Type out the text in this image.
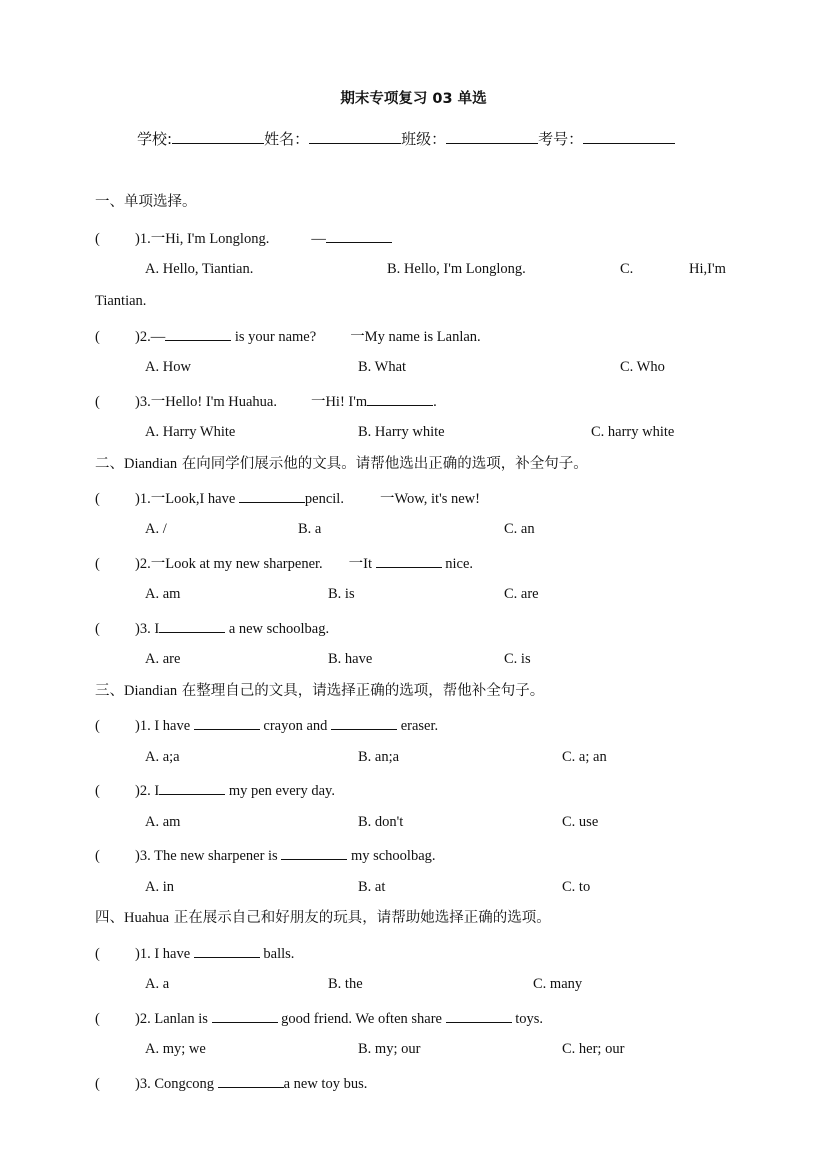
期末专项复习 03 单选
学校:	姓名：	班级：	考号：
一、单项选择。
( )1.一Hi, I'm Longlong.	—
A. Hello, Tiantian.	B. Hello, I'm Longlong.	C.	Hi,I'm
Tiantian.
( )2.—	is your name? 一My name is Lanlan.
A. How	B. What	C. Who
( )3.一Hello! I'm Huahua. 一Hi! I'm	.
A. Harry White	B. Harry white	C. harry white
二、Diandian 在向同学们展示他的文具。请帮他选出正确的选项，补全句子。
( )1.一Look,I have	pencil. 一Wow, it's new!
A. /	B. a	C. an
( )2.一Look at my new sharpener. 一It	nice.
A. am	B. is	C. are
( )3. I	a new schoolbag.
A. are	B. have	C. is
三、Diandian 在整理自己的文具，请选择正确的选项，帮他补全句子。
( )1. I have	crayon and	eraser.
A. a;a	B. an;a	C. a; an
( )2. I	my pen every day.
A. am	B. don't	C. use
( )3. The new sharpener is	my schoolbag.
A. in	B. at	C. to
四、Huahua 正在展示自己和好朋友的玩具，请帮助她选择正确的选项。
( )1. I have	balls.
A. a	B. the	C. many
( )2. Lanlan is	good friend. We often share	toys.
A. my; we	B. my; our	C. her; our
( )3. Congcong	a new toy bus.
